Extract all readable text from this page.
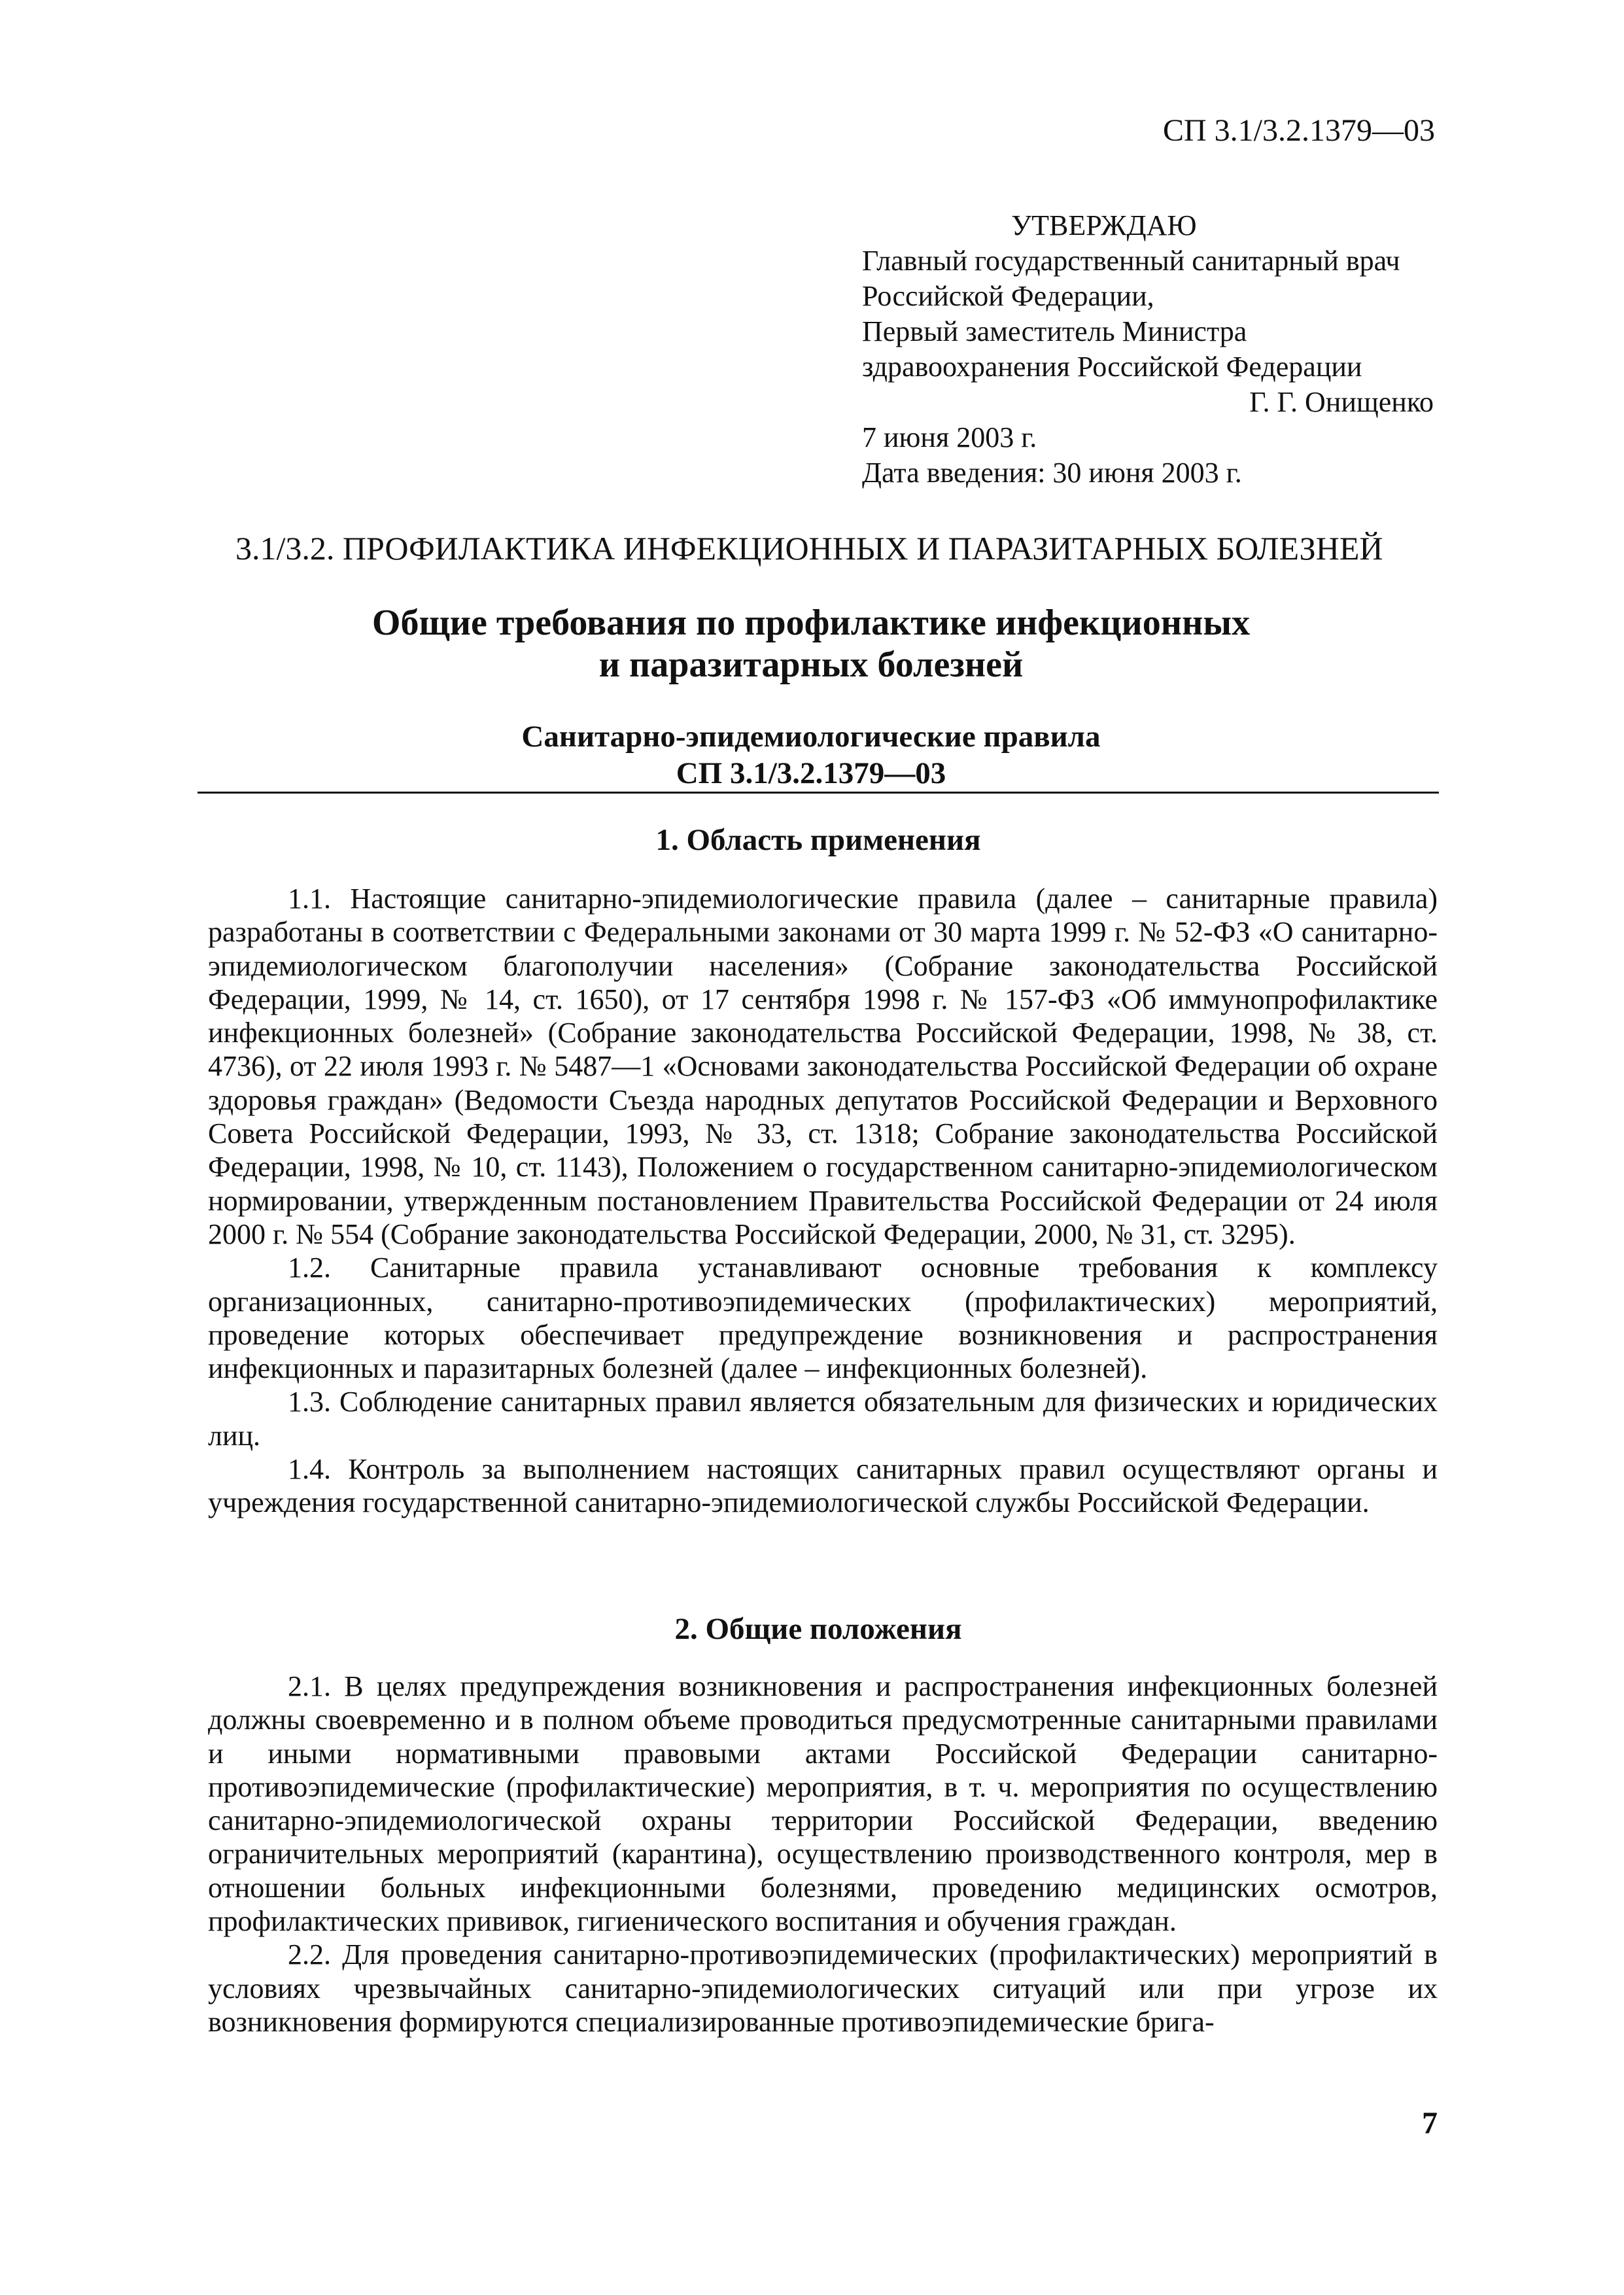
СП 3.1/3.2.1379—03
УТВЕРЖДАЮ
Главный государственный санитарный врач
Российской Федерации,
Первый заместитель Министра
здравоохранения Российской Федерации
Г. Г. Онищенко
7 июня 2003 г.
Дата введения: 30 июня 2003 г.
3.1/3.2. ПРОФИЛАКТИКА ИНФЕКЦИОННЫХ И ПАРАЗИТАРНЫХ БОЛЕЗНЕЙ
Общие требования по профилактике инфекционных
и паразитарных болезней
Санитарно-эпидемиологические правила
СП 3.1/3.2.1379—03
1. Область применения

1.1. Настоящие санитарно-эпидемиологические правила (далее – санитарные правила) разработаны в соответствии с Федеральными законами от 30 марта 1999 г. № 52-ФЗ «О санитарно-эпидемиологическом благополучии населения» (Собрание законодательства Российской Федерации, 1999, № 14, ст. 1650), от 17 сентября 1998 г. № 157-ФЗ «Об иммунопрофилактике инфекционных болезней» (Собрание законодательства Российской Федерации, 1998, № 38, ст. 4736), от 22 июля 1993 г. № 5487—1 «Основами законодательства Российской Федерации об охране здоровья граждан» (Ведомости Съезда народных депутатов Российской Федерации и Верховного Совета Российской Федерации, 1993, № 33, ст. 1318; Собрание законодательства Российской Федерации, 1998, № 10, ст. 1143), Положением о государственном санитарно-эпидемиологическом нормировании, утвержденным постановлением Правительства Российской Федерации от 24 июля 2000 г. № 554 (Собрание законодательства Российской Федерации, 2000, № 31, ст. 3295).

1.2. Санитарные правила устанавливают основные требования к комплексу организационных, санитарно-противоэпидемических (профилактических) мероприятий, проведение которых обеспечивает предупреждение возникновения и распространения инфекционных и паразитарных болезней (далее – инфекционных болезней).

1.3. Соблюдение санитарных правил является обязательным для физических и юридических лиц.

1.4. Контроль за выполнением настоящих санитарных правил осуществляют органы и учреждения государственной санитарно-эпидемиологической службы Российской Федерации.

2. Общие положения

2.1. В целях предупреждения возникновения и распространения инфекционных болезней должны своевременно и в полном объеме проводиться предусмотренные санитарными правилами и иными нормативными правовыми актами Российской Федерации санитарно-противоэпидемические (профилактические) мероприятия, в т. ч. мероприятия по осуществлению санитарно-эпидемиологической охраны территории Российской Федерации, введению ограничительных мероприятий (карантина), осуществлению производственного контроля, мер в отношении больных инфекционными болезнями, проведению медицинских осмотров, профилактических прививок, гигиенического воспитания и обучения граждан.

2.2. Для проведения санитарно-противоэпидемических (профилактических) мероприятий в условиях чрезвычайных санитарно-эпидемиологических ситуаций или при угрозе их возникновения формируются специализированные противоэпидемические брига-

7
